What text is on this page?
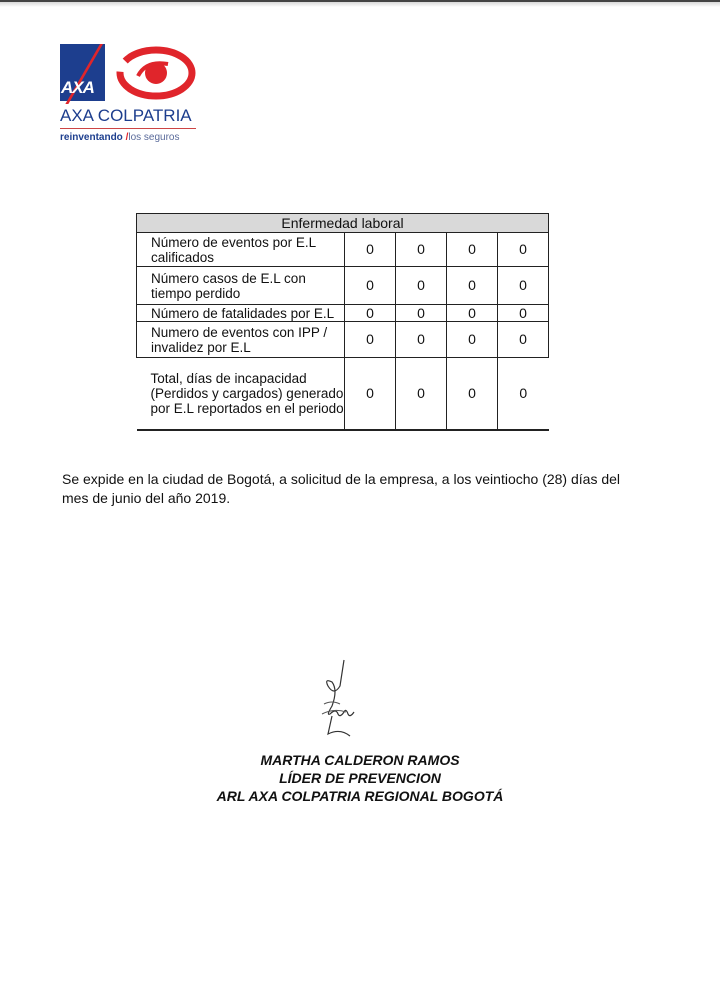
AXA
AXA COLPATRIA
reinventando /los seguros
Enfermedad laboral				
Número de eventos por E.L calificados	0	0	0	0
Número casos de E.L con tiempo perdido	0	0	0	0
Número de fatalidades por E.L	0	0	0	0
Numero de eventos con IPP / invalidez por E.L	0	0	0	0
Total, días de incapacidad (Perdidos y cargados) generado por E.L reportados en el periodo	0	0	0	0

Se expide en la ciudad de Bogotá, a solicitud de la empresa, a los veintiocho (28) días del mes de junio del año 2019.

MARTHA CALDERON RAMOS
LÍDER DE PREVENCION
ARL AXA COLPATRIA REGIONAL BOGOTÁ
